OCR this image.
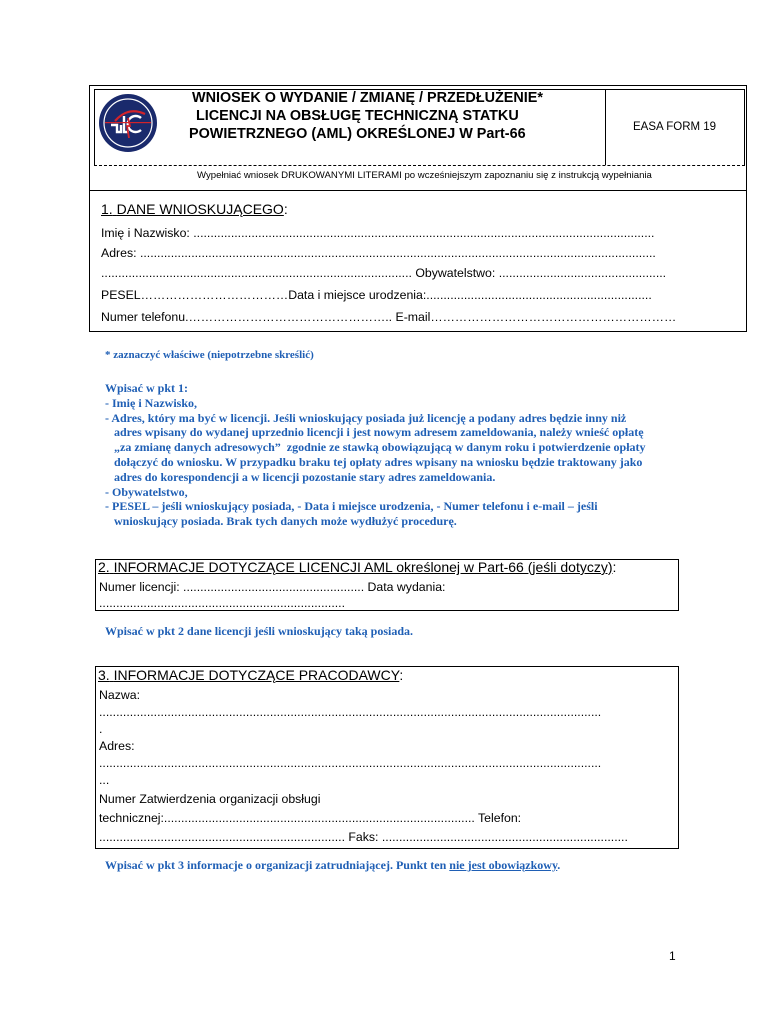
WNIOSEK O WYDANIE / ZMIANĘ / PRZEDŁUŻENIE*
LICENCJI NA OBSŁUGĘ TECHNICZNĄ STATKU
POWIETRZNEGO (AML) OKREŚLONEJ W Part-66	EASA FORM 19
Wypełniać wniosek DRUKOWANYMI LITERAMI po wcześniejszym zapoznaniu się z instrukcją wypełniania
1. DANE WNIOSKUJĄCEGO:
Imię i Nazwisko: .......................................................................................................................................
Adres: .......................................................................................................................................................
........................................................................................... Obywatelstwo: .................................................
PESEL………………………………Data i miejsce urodzenia:..................................................................
Numer telefonu.………………………………………….. E-mail……………………………………………………
* zaznaczyć właściwe (niepotrzebne skreślić)
Wpisać w pkt 1:
- Imię i Nazwisko,
- Adres, który ma być w licencji. Jeśli wnioskujący posiada już licencję a podany adres będzie inny niż
adres wpisany do wydanej uprzednio licencji i jest nowym adresem zameldowania, należy wnieść opłatę
„za zmianę danych adresowych”  zgodnie ze stawką obowiązującą w danym roku i potwierdzenie opłaty
dołączyć do wniosku. W przypadku braku tej opłaty adres wpisany na wniosku będzie traktowany jako
adres do korespondencji a w licencji pozostanie stary adres zameldowania.
- Obywatelstwo,
- PESEL – jeśli wnioskujący posiada, - Data i miejsce urodzenia, - Numer telefonu i e-mail – jeśli
wnioskujący posiada. Brak tych danych może wydłużyć procedurę.
2. INFORMACJE DOTYCZĄCE LICENCJI AML określonej w Part-66 (jeśli dotyczy):
Numer licencji: ..................................................... Data wydania:
........................................................................
Wpisać w pkt 2 dane licencji jeśli wnioskujący taką posiada.
3. INFORMACJE DOTYCZĄCE PRACODAWCY:
Nazwa:
...................................................................................................................................................
.
Adres:
...................................................................................................................................................
...
Numer Zatwierdzenia organizacji obsługi
technicznej:........................................................................................... Telefon:
........................................................................ Faks: ........................................................................
Wpisać w pkt 3 informacje o organizacji zatrudniającej. Punkt ten nie jest obowiązkowy.
1
